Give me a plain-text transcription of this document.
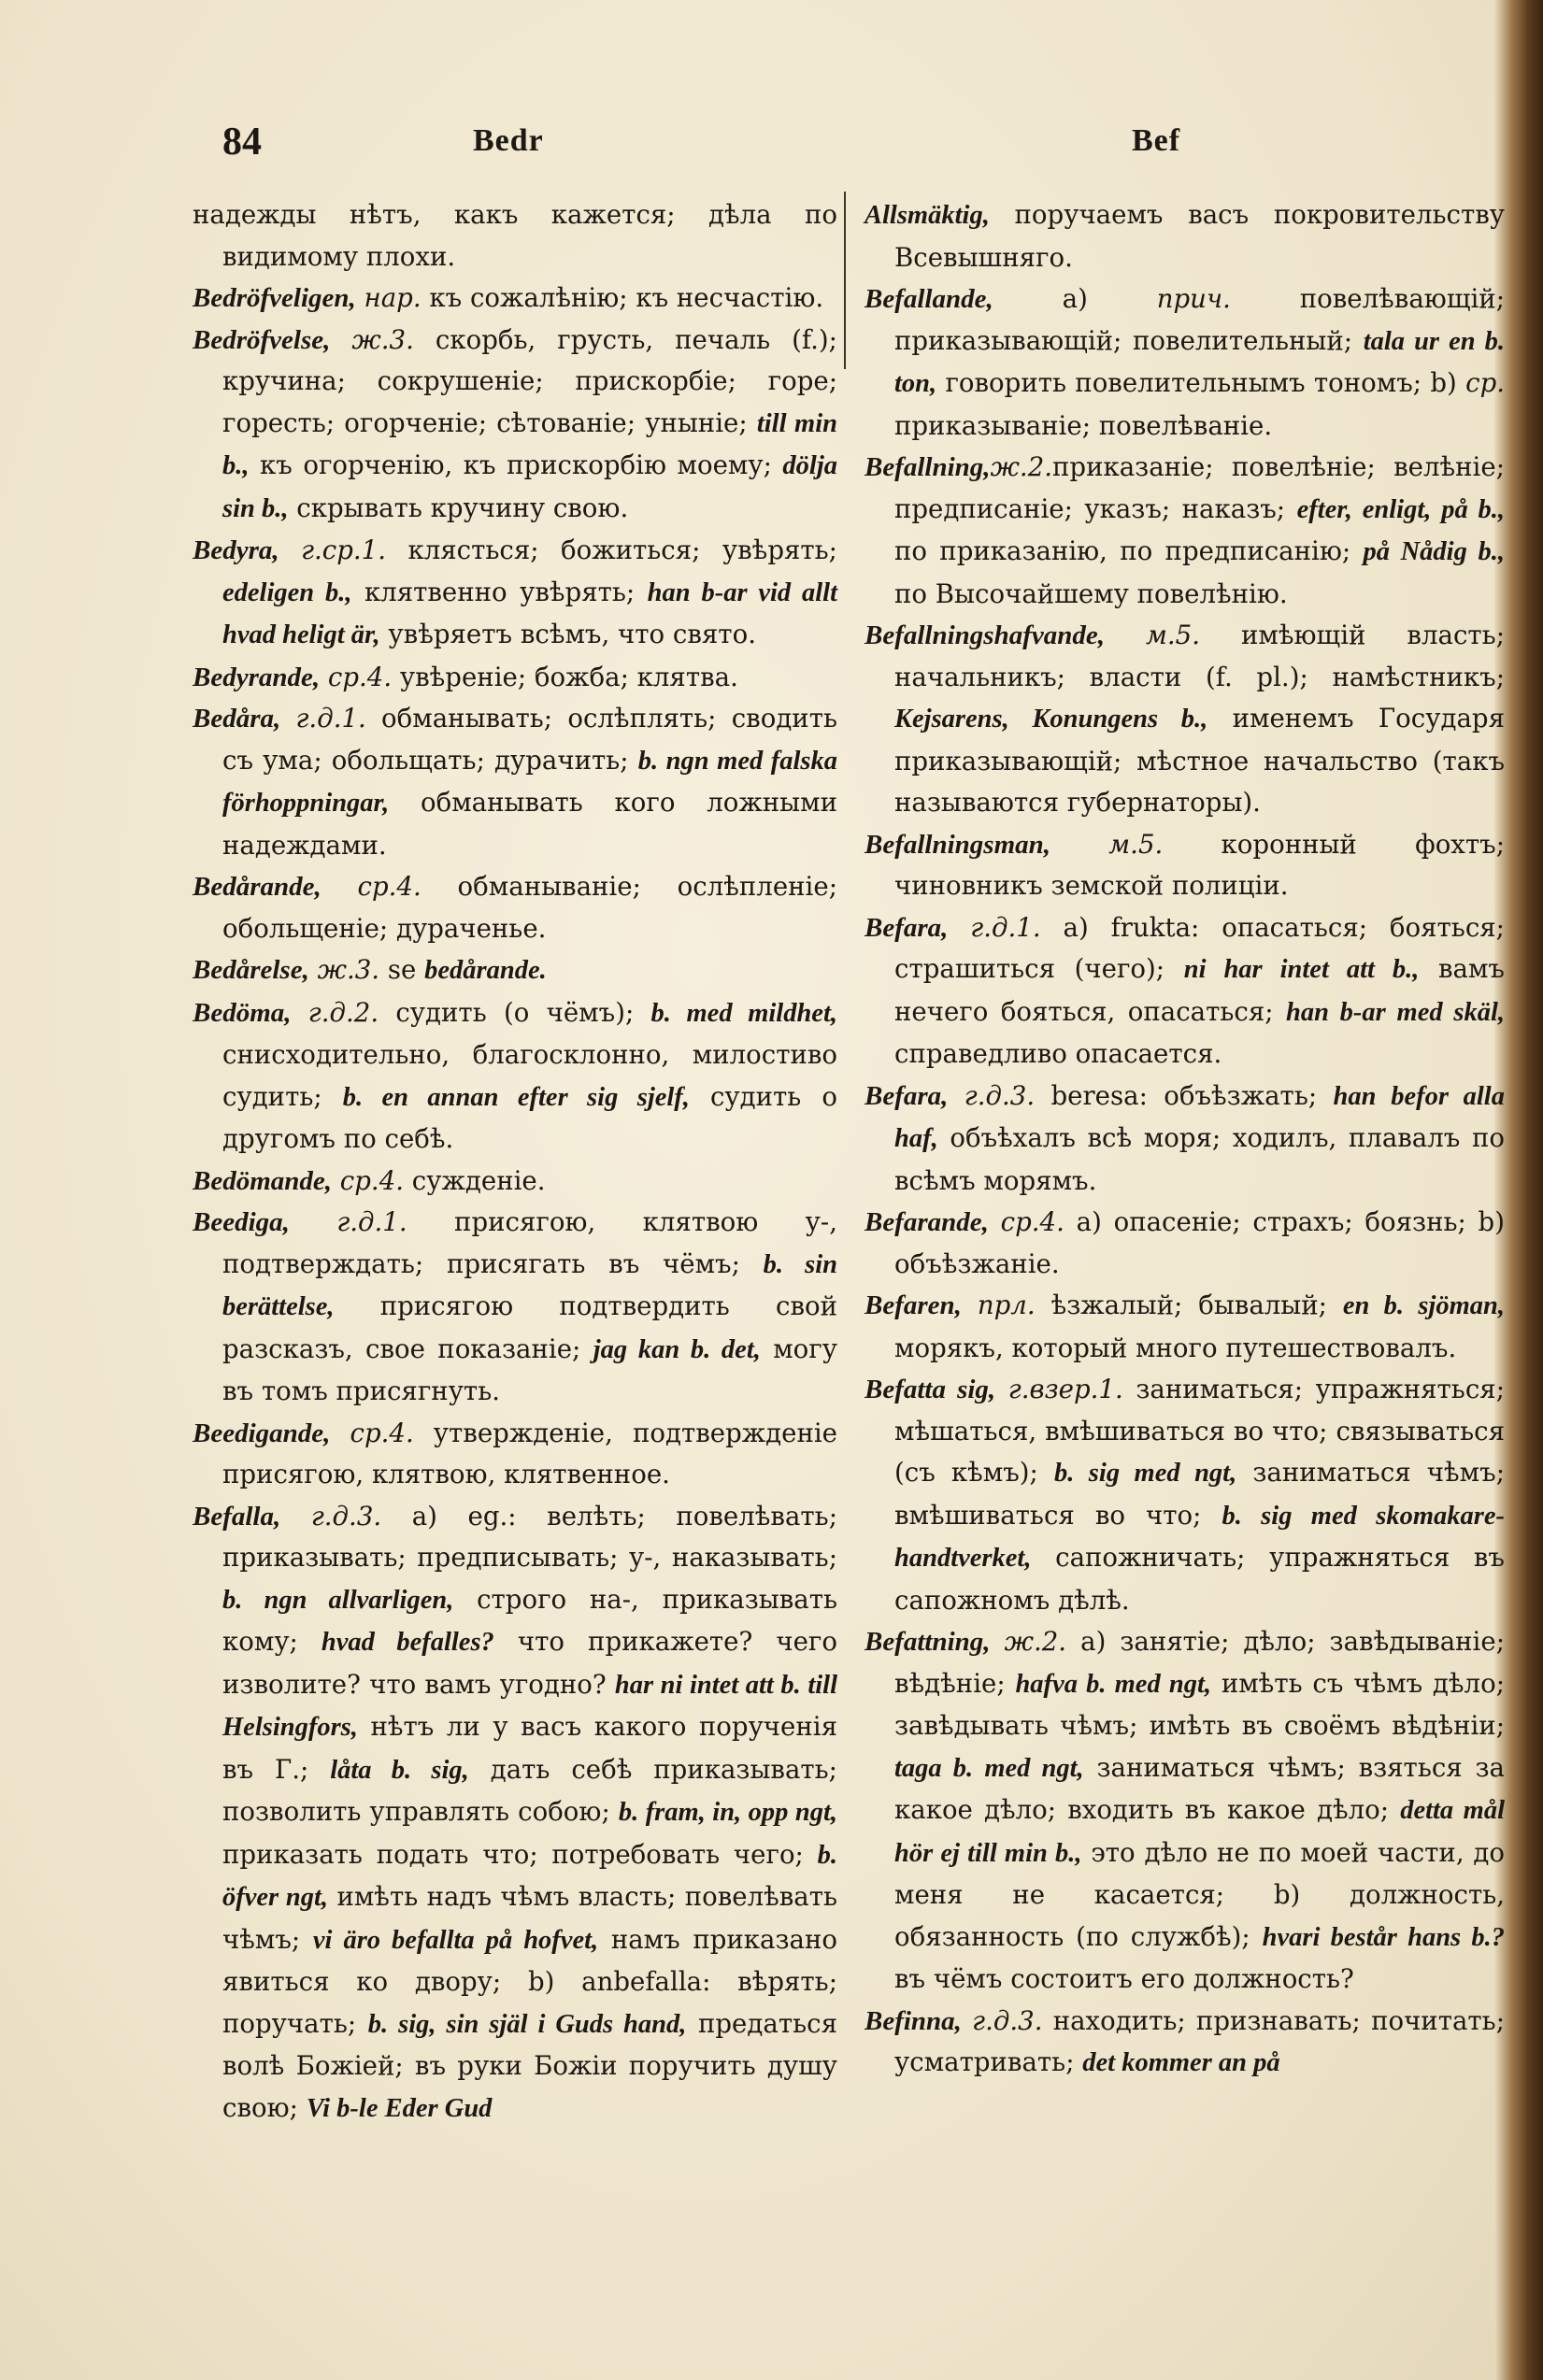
84	Bedr	Bef

надежды нѣтъ, какъ кажется; дѣла по видимому плохи.

Bedröfveligen, нар. къ сожалѣнію; къ несчастію.

Bedröfvelse, ж.3. скорбь, грусть, печаль (f.); кручина; сокрушеніе; прискорбіе; горе; горесть; огорченіе; сѣтованіе; уныніе; till min b., къ огорченію, къ прискорбію моему; dölja sin b., скрывать кручину свою.

Bedyra, г.ср.1. клясться; божиться; увѣрять; edeligen b., клятвенно увѣрять; han b-ar vid allt hvad heligt är, увѣряетъ всѣмъ, что свято.

Bedyrande, ср.4. увѣреніе; божба; клятва.

Bedåra, г.д.1. обманывать; ослѣплять; сводить съ ума; обольщать; дурачить; b. ngn med falska förhoppningar, обманывать кого ложными надеждами.

Bedårande, ср.4. обманываніе; ослѣпленіе; обольщеніе; дураченье.

Bedårelse, ж.3. se bedårande.

Bedöma, г.д.2. судить (о чёмъ); b. med mildhet, снисходительно, благосклонно, милостиво судить; b. en annan efter sig sjelf, судить о другомъ по себѣ.

Bedömande, ср.4. сужденіе.

Beediga, г.д.1. присягою, клятвою у-, подтверждать; присягать въ чёмъ; b. sin berättelse, присягою подтвердить свой разсказъ, свое показаніе; jag kan b. det, могу въ томъ присягнуть.

Beedigande, ср.4. утвержденіе, подтвержденіе присягою, клятвою, клятвенное.

Befalla, г.д.3. a) eg.: велѣть; повелѣвать; приказывать; предписывать; у-, наказывать; b. ngn allvarligen, строго на-, приказывать кому; hvad befalles? что прикажете? чего изволите? что вамъ угодно? har ni intet att b. till Helsingfors, нѣтъ ли у васъ какого порученія въ Г.; låta b. sig, дать себѣ приказывать; позволить управлять собою; b. fram, in, opp ngt, приказать подать что; потребовать чего; b. öfver ngt, имѣть надъ чѣмъ власть; повелѣвать чѣмъ; vi äro befallta på hofvet, намъ приказано явиться ко двору; b) anbefalla: вѣрять; поручать; b. sig, sin själ i Guds hand, предаться волѣ Божіей; въ руки Божіи поручить душу свою; Vi b-le Eder Gud

Allsmäktig, поручаемъ васъ покровительству Всевышняго.

Befallande, a) прич. повелѣвающій; приказывающій; повелительный; tala ur en b. ton, говорить повелительнымъ тономъ; b) ср. приказываніе; повелѣваніе.

Befallning,ж.2.приказаніе; повелѣніе; велѣніе; предписаніе; указъ; наказъ; efter, enligt, på b., по приказанію, по предписанію; på Nådig b., по Высочайшему повелѣнію.

Befallningshafvande, м.5. имѣющій власть; начальникъ; власти (f. pl.); намѣстникъ; Kejsarens, Konungens b., именемъ Государя приказывающій; мѣстное начальство (такъ называются губернаторы).

Befallningsman, м.5. коронный фохтъ; чиновникъ земской полиціи.

Befara, г.д.1. a) frukta: опасаться; бояться; страшиться (чего); ni har intet att b., вамъ нечего бояться, опасаться; han b-ar med skäl, справедливо опасается.

Befara, г.д.3. beresa: объѣзжать; han befor alla haf, объѣхалъ всѣ моря; ходилъ, плавалъ по всѣмъ морямъ.

Befarande, ср.4. a) опасеніе; страхъ; боязнь; b) объѣзжаніе.

Befaren, прл. ѣзжалый; бывалый; en b. sjöman, морякъ, который много путешествовалъ.

Befatta sig, г.взер.1. заниматься; упражняться; мѣшаться, вмѣшиваться во что; связываться (съ кѣмъ); b. sig med ngt, заниматься чѣмъ; вмѣшиваться во что; b. sig med skomakare-handtverket, сапожничать; упражняться въ сапожномъ дѣлѣ.

Befattning, ж.2. a) занятіе; дѣло; завѣдываніе; вѣдѣніе; hafva b. med ngt, имѣть съ чѣмъ дѣло; завѣдывать чѣмъ; имѣть въ своёмъ вѣдѣніи; taga b. med ngt, заниматься чѣмъ; взяться за какое дѣло; входить въ какое дѣло; detta mål hör ej till min b., это дѣло не по моей части, до меня не касается; b) должность, обязанность (по службѣ); hvari består hans b.? въ чёмъ состоитъ его должность?

Befinna, г.д.3. находить; признавать; почитать; усматривать; det kommer an på
